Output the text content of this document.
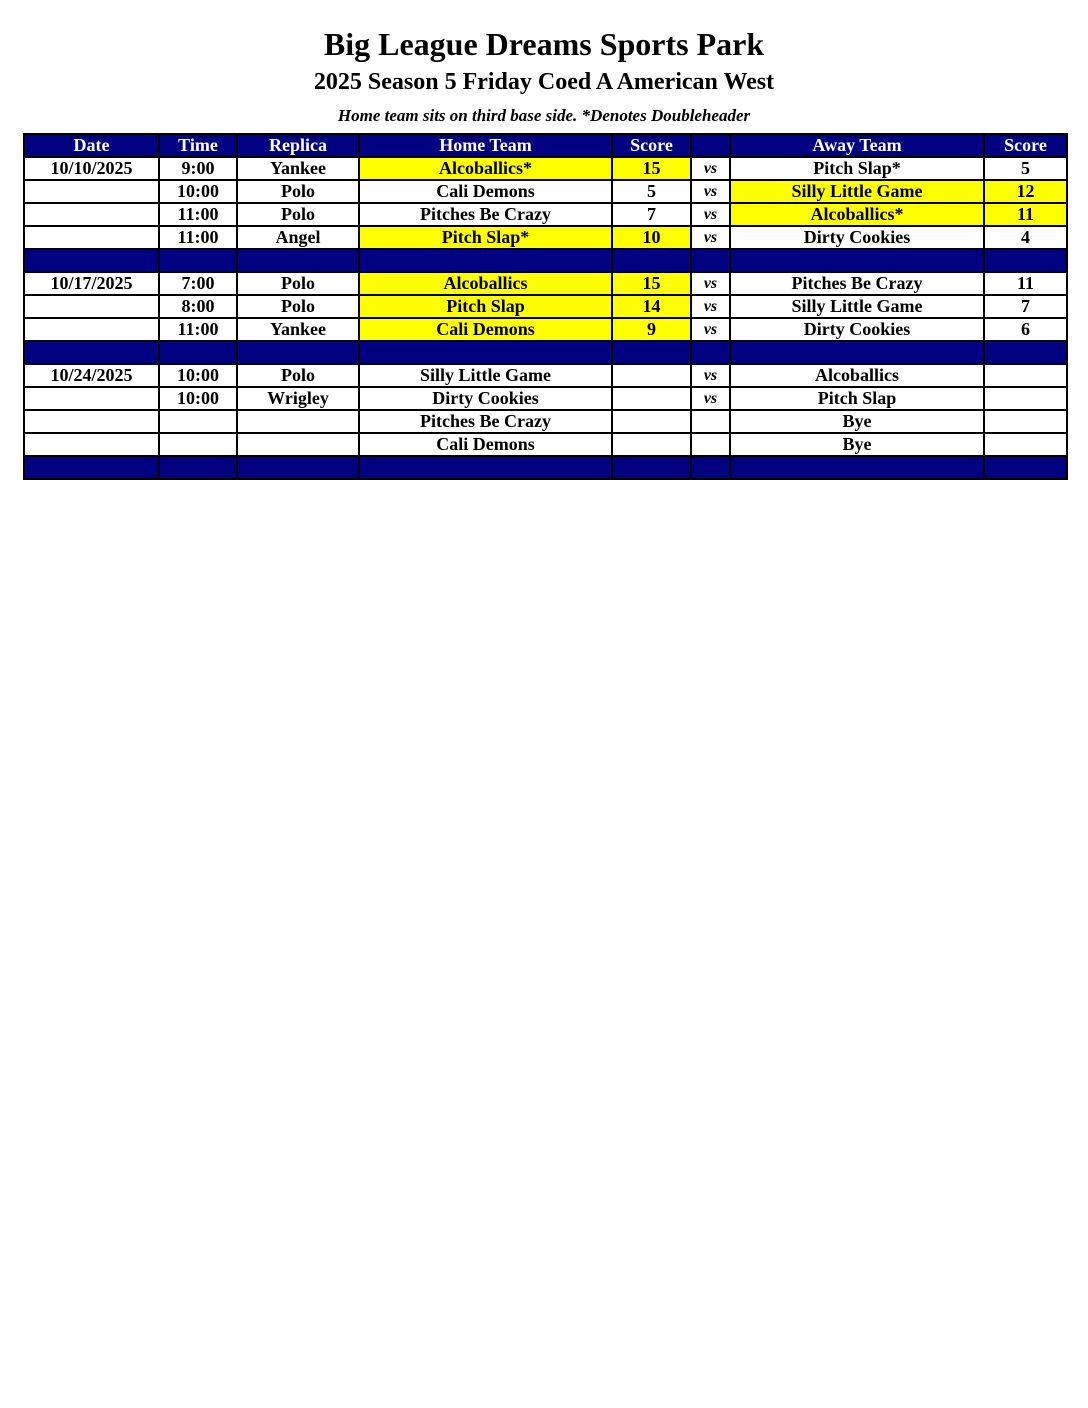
Big League Dreams Sports Park
2025 Season 5 Friday Coed A American West
Home team sits on third base side. *Denotes Doubleheader
Date	Time	Replica	Home Team	Score		Away Team	Score
10/10/2025	9:00	Yankee	Alcoballics*	15	vs	Pitch Slap*	5
	10:00	Polo	Cali Demons	5	vs	Silly Little Game	12
	11:00	Polo	Pitches Be Crazy	7	vs	Alcoballics*	11
	11:00	Angel	Pitch Slap*	10	vs	Dirty Cookies	4

10/17/2025	7:00	Polo	Alcoballics	15	vs	Pitches Be Crazy	11
	8:00	Polo	Pitch Slap	14	vs	Silly Little Game	7
	11:00	Yankee	Cali Demons	9	vs	Dirty Cookies	6

10/24/2025	10:00	Polo	Silly Little Game		vs	Alcoballics	
	10:00	Wrigley	Dirty Cookies		vs	Pitch Slap	
			Pitches Be Crazy			Bye	
			Cali Demons			Bye	
